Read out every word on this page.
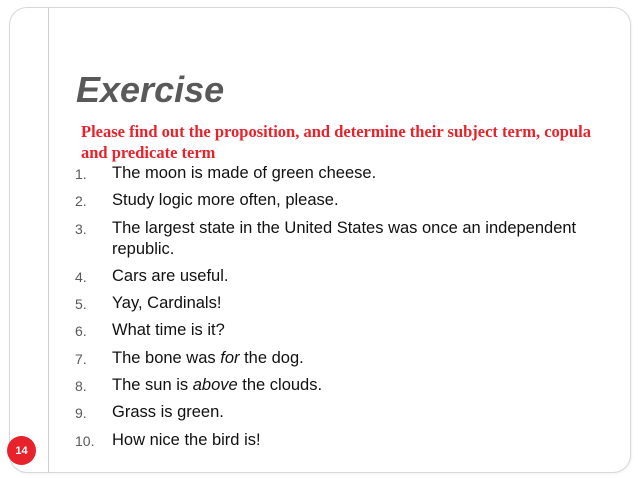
Exercise

Please find out the proposition, and determine their subject term, copula and predicate term

1. The moon is made of green cheese.
2. Study logic more often, please.
3. The largest state in the United States was once an independent republic.
4. Cars are useful.
5. Yay, Cardinals!
6. What time is it?
7. The bone was for the dog.
8. The sun is above the clouds.
9. Grass is green.
10. How nice the bird is!
14
